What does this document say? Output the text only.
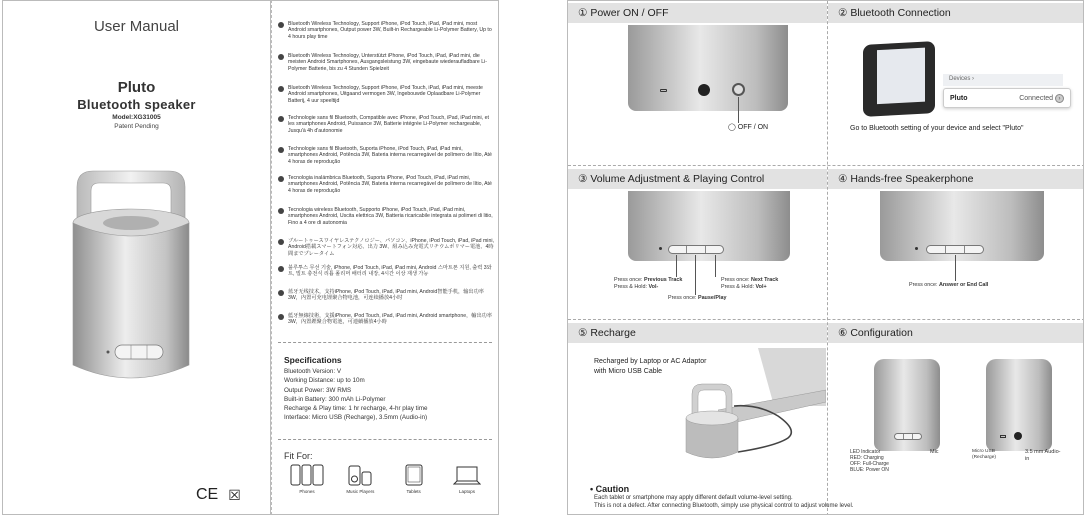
User Manual
Pluto
Bluetooth speaker
Model:XG31005
Patent Pending
CE ☒
Bluetooth Wireless Technology, Support iPhone, iPod Touch, iPad, iPad mini, most Android smartphones, Output power 3W, Built-in Rechargeable Li-Polymer Battery, Up to 4 hours play time
Bluetooth Wireless Technology, Unterstützt iPhone, iPod Touch, iPad, iPad mini, die meisten Android Smartphones, Ausgangsleistung 3W, eingebaute wiederaufladbare Li-Polymer Batterie, bis zu 4 Stunden Spielzeit
Bluetooth Wireless Technology, Support iPhone, iPod Touch, iPad, iPad mini, meeste Android smartphones, Uitgaand vermogen 3W, Ingebouwde Oplaadbare Li-Polymer Batterij, 4 uur speeltijd
Technologie sans fil Bluetooth, Compatible avec iPhone, iPod Touch, iPad, iPad mini, et les smartphones Android, Puissance 3W, Batterie intégrée Li-Polymer rechargeable, Jusqu'à 4h d'autonomie
Technologie sans fil Bluetooth, Suporta iPhone, iPod Touch, iPad, iPad mini, smartphones Android, Potência 3W, Bateria interna recarregável de polímero de lítio, Até 4 horas de reprodução
Tecnologia inalámbrica Bluetooth, Suporta iPhone, iPod Touch, iPad, iPad mini, smartphones Android, Potência 3W, Bateria interna recarregável de polímero de lítio, Até 4 horas de reprodução
Tecnologia wireless Bluetooth, Supporto iPhone, iPod Touch, iPad, iPad mini, smartphones Android, Uscita elettrica 3W, Batteria ricaricabile integrata ai polimeri di litio, Fino a 4 ore di autonomia
ブルートゥースワイヤレステクノロジー、パソコン、iPhone, iPod Touch, iPad, iPad mini, Android搭載スマートフォン対応、出力 3W、組み込み充電式リチウムポリマー電池、4時間までプレータイム
블루투스 무선 기술, iPhone, iPod Touch, iPad, iPad mini, Android 스마트폰 지원, 출력 3와트, 빌트 충전식 리튬 폴리머 배터리 내장, 4시간 이상 재생 가능
蓝牙无线技术，支持iPhone, iPod Touch, iPad, iPad mini, Android智能手机，输出功率3W，内置可充电锂聚合物电池，可连续播放4小时
藍牙無線技術，支援iPhone, iPod Touch, iPad, iPad mini, Android smartphone，輸出功率3W，內置鋰聚合物電池，可連續播放4小時
Specifications
Bluetooth Version: V
Working Distance: up to 10m
Output Power: 3W RMS
Built-in Battery: 300 mAh Li-Polymer
Recharge & Play time: 1 hr recharge, 4-hr play time
Interface: Micro USB (Recharge), 3.5mm (Audio-in)
Fit For:
Phones	Music Players	Tablets	Laptops
① Power ON / OFF
◯ OFF / ON
② Bluetooth Connection
Devices ›
Pluto	Connected ›
Go to Bluetooth setting of your device and select "Pluto"
③ Volume Adjustment & Playing Control
Press once: Previous Track
Press & Hold: Vol-
Press once: Next Track
Press & Hold: Vol+
Press once: Pause/Play
④ Hands-free Speakerphone
Press once: Answer or End Call
⑤ Recharge
Recharged by Laptop or AC Adaptor
with Micro USB Cable
⑥ Configuration
LED Indicator
RED: Charging
OFF: Full-Charge
BLUE: Power ON
Mic	Micro USB (Recharge)
3.5 mm Audio-in
• Caution
Each tablet or smartphone may apply different default volume-level setting.
This is not a defect. After connecting Bluetooth, simply use physical control to adjust volume level.
